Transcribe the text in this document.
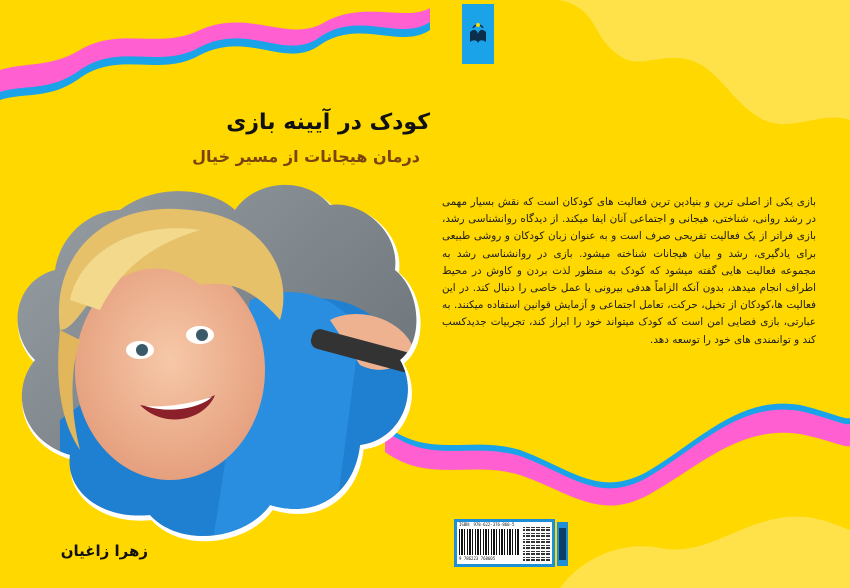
کودک در آیینه بازی
درمان هیجانات از مسیر خیال
بازی یکی از اصلی ترین و بنیادین ترین فعالیت های کودکان است که نقش بسیار مهمی در رشد روانی، شناختی، هیجانی و اجتماعی آنان ایفا میکند. از دیدگاه روانشناسی رشد، بازی فراتر از یک فعالیت تفریحی صرف است و به عنوان زبان کودکان و روشی طبیعی برای یادگیری، رشد و بیان هیجانات شناخته میشود. بازی در روانشناسی رشد به مجموعه فعالیت هایی گفته میشود که کودک به منظور لذت بردن و کاوش در محیط اطراف انجام میدهد، بدون آنکه الزاماً هدفی بیرونی یا عمل خاصی را دنبال کند. در این فعالیت ها،کودکان از تخیل، حرکت، تعامل اجتماعی و آزمایش قوانین استفاده میکنند. به عبارتی، بازی فضایی امن است که کودک میتواند خود را ابراز کند، تجربیات جدیدکسب کند و توانمندی های خود را توسعه دهد.
زهرا زاغیان
ISBN: 978-622-376-860-5
9 786223 768605
